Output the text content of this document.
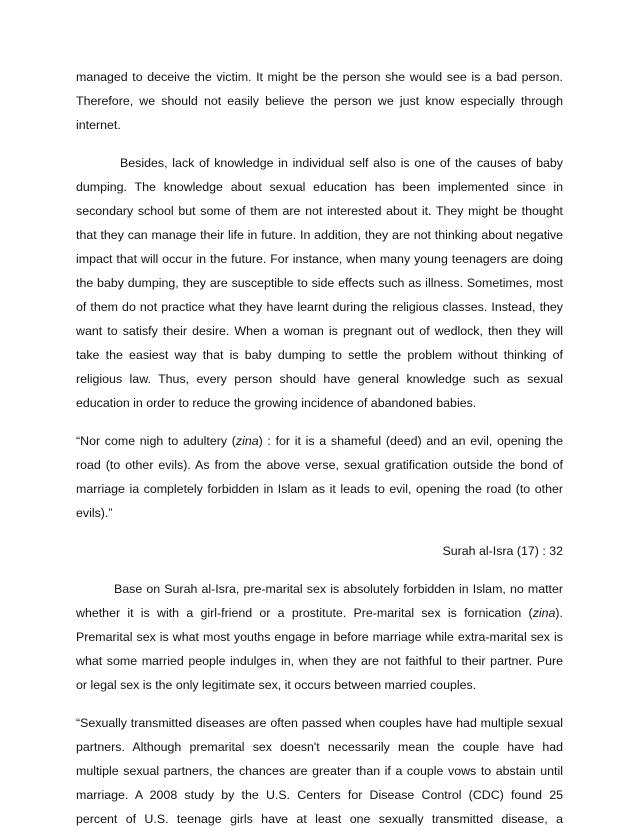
managed to deceive the victim. It might be the person she would see is a bad person.
Therefore, we should not easily believe the person we just know especially through
internet.
Besides, lack of knowledge in individual self also is one of the causes of baby
dumping. The knowledge about sexual education has been implemented since in
secondary school but some of them are not interested about it. They might be thought
that they can manage their life in future. In addition, they are not thinking about negative
impact that will occur in the future. For instance, when many young teenagers are doing
the baby dumping, they are susceptible to side effects such as illness. Sometimes, most
of them do not practice what they have learnt during the religious classes. Instead, they
want to satisfy their desire. When a woman is pregnant out of wedlock, then they will
take the easiest way that is baby dumping to settle the problem without thinking of
religious law. Thus, every person should have general knowledge such as sexual
education in order to reduce the growing incidence of abandoned babies.
“Nor come nigh to adultery (zina) : for it is a shameful (deed) and an evil, opening the
road (to other evils). As from the above verse, sexual gratification outside the bond of
marriage ia completely forbidden in Islam as it leads to evil, opening the road (to other
evils).”
Surah al-Isra (17) : 32
Base on Surah al-Isra, pre-marital sex is absolutely forbidden in Islam, no matter
whether it is with a girl-friend or a prostitute. Pre-marital sex is fornication (zina).
Premarital sex is what most youths engage in before marriage while extra-marital sex is
what some married people indulges in, when they are not faithful to their partner. Pure
or legal sex is the only legitimate sex, it occurs between married couples.
“Sexually transmitted diseases are often passed when couples have had multiple sexual
partners. Although premarital sex doesn't necessarily mean the couple have had
multiple sexual partners, the chances are greater than if a couple vows to abstain until
marriage. A 2008 study by the U.S. Centers for Disease Control (CDC) found 25
percent of U.S. teenage girls have at least one sexually transmitted disease, a
